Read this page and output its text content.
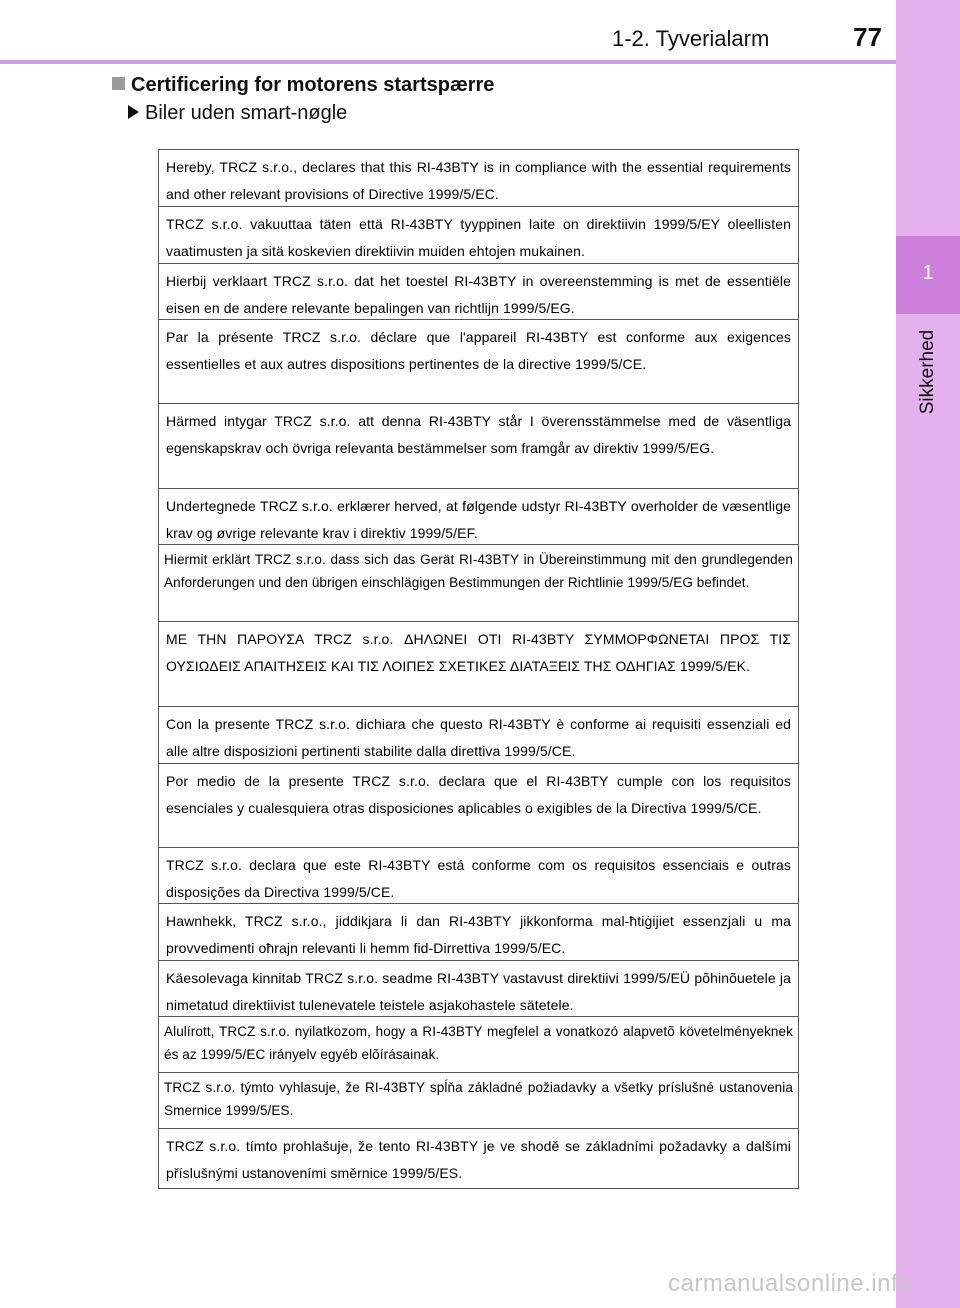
1
Sikkerhed
1-2. Tyverialarm	77
Certificering for motorens startspærre
Biler uden smart-nøgle

Hereby, TRCZ s.r.o., declares that this RI-43BTY is in compliance with the essential requirements and other relevant provisions of Directive 1999/5/EC.

TRCZ s.r.o. vakuuttaa täten että RI-43BTY tyyppinen laite on direktiivin 1999/5/EY oleellisten vaatimusten ja sitä koskevien direktiivin muiden ehtojen mukainen.

Hierbij verklaart TRCZ s.r.o. dat het toestel RI-43BTY in overeenstemming is met de essentiële eisen en de andere relevante bepalingen van richtlijn 1999/5/EG.

Par la présente TRCZ s.r.o. déclare que l'appareil RI-43BTY est conforme aux exigences essentielles et aux autres dispositions pertinentes de la directive 1999/5/CE.

Härmed intygar TRCZ s.r.o. att denna RI-43BTY står I överensstämmelse med de väsentliga egenskapskrav och övriga relevanta bestämmelser som framgår av direktiv 1999/5/EG.

Undertegnede TRCZ s.r.o. erklærer herved, at følgende udstyr RI-43BTY overholder de væsentlige krav og øvrige relevante krav i direktiv 1999/5/EF.

Hiermit erklärt TRCZ s.r.o. dass sich das Gerät RI-43BTY in Übereinstimmung mit den grundlegenden Anforderungen und den übrigen einschlägigen Bestimmungen der Richtlinie 1999/5/EG befindet.

ΜΕ ΤΗΝ ΠΑΡΟΥΣΑ TRCZ s.r.o. ΔΗΛΩΝΕΙ ΟΤΙ RI-43BTY ΣΥΜΜΟΡΦΩΝΕΤΑΙ ΠΡΟΣ ΤΙΣ ΟΥΣΙΩΔΕΙΣ ΑΠΑΙΤΗΣΕΙΣ ΚΑΙ ΤΙΣ ΛΟΙΠΕΣ ΣΧΕΤΙΚΕΣ ΔΙΑΤΑΞΕΙΣ ΤΗΣ ΟΔΗΓΙΑΣ 1999/5/ΕΚ.

Con la presente TRCZ s.r.o. dichiara che questo RI-43BTY è conforme ai requisiti essenziali ed alle altre disposizioni pertinenti stabilite dalla direttiva 1999/5/CE.

Por medio de la presente TRCZ s.r.o. declara que el RI-43BTY cumple con los requisitos esenciales y cualesquiera otras disposiciones aplicables o exigibles de la Directiva 1999/5/CE.

TRCZ s.r.o. declara que este RI-43BTY está conforme com os requisitos essenciais e outras disposições da Directiva 1999/5/CE.

Hawnhekk, TRCZ s.r.o., jiddikjara li dan RI-43BTY jikkonforma mal-ħtiġijiet essenzjali u ma provvedimenti oħrajn relevanti li hemm fid-Dirrettiva 1999/5/EC.

Käesolevaga kinnitab TRCZ s.r.o. seadme RI-43BTY vastavust direktiivi 1999/5/EÜ põhinõuetele ja nimetatud direktiivist tulenevatele teistele asjakohastele sätetele.

Alulírott, TRCZ s.r.o. nyilatkozom, hogy a RI-43BTY megfelel a vonatkozó alapvetõ követelményeknek és az 1999/5/EC irányelv egyéb elõírásainak.

TRCZ s.r.o. týmto vyhlasuje, že RI-43BTY spĺňa základné požiadavky a všetky príslušné ustanovenia Smernice 1999/5/ES.

TRCZ s.r.o. tímto prohlašuje, že tento RI-43BTY je ve shodě se základními požadavky a dalšími příslušnými ustanoveními směrnice 1999/5/ES.

carmanualsonline.info
